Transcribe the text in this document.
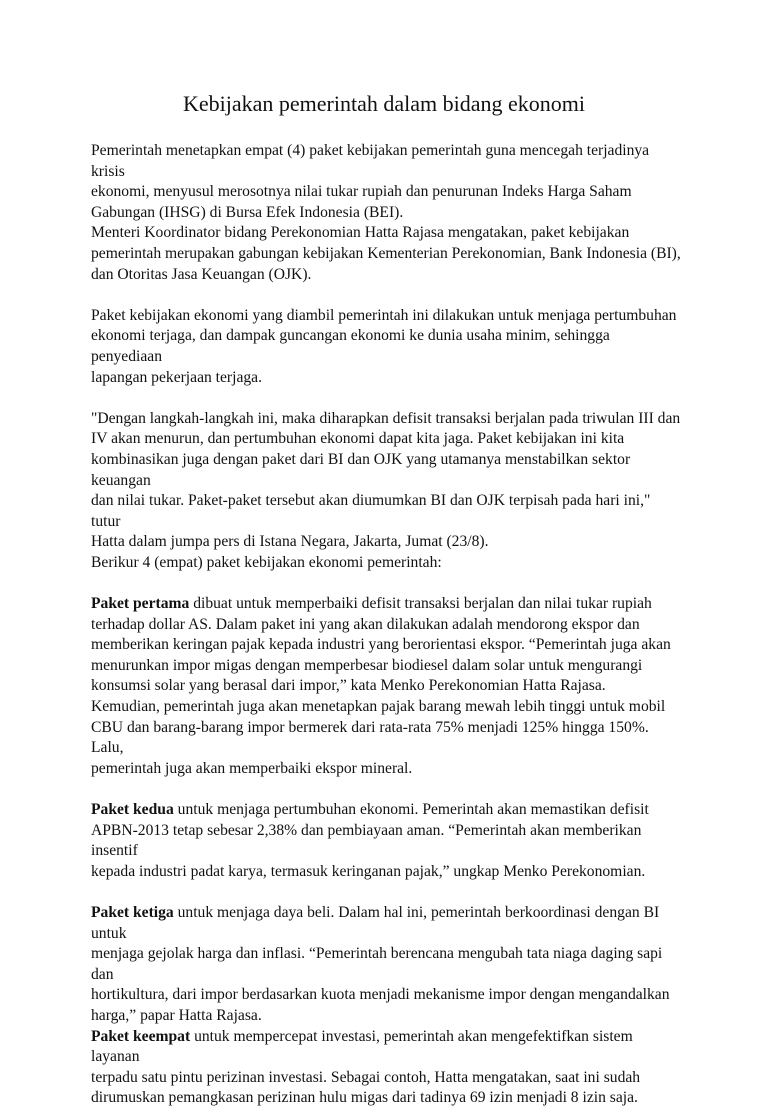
Kebijakan pemerintah dalam bidang ekonomi

Pemerintah menetapkan empat (4) paket kebijakan pemerintah guna mencegah terjadinya krisis
ekonomi, menyusul merosotnya nilai tukar rupiah dan penurunan Indeks Harga Saham
Gabungan (IHSG) di Bursa Efek Indonesia (BEI).
Menteri Koordinator bidang Perekonomian Hatta Rajasa mengatakan, paket kebijakan
pemerintah merupakan gabungan kebijakan Kementerian Perekonomian, Bank Indonesia (BI),
dan Otoritas Jasa Keuangan (OJK).

Paket kebijakan ekonomi yang diambil pemerintah ini dilakukan untuk menjaga pertumbuhan
ekonomi terjaga, dan dampak guncangan ekonomi ke dunia usaha minim, sehingga penyediaan
lapangan pekerjaan terjaga.

"Dengan langkah-langkah ini, maka diharapkan defisit transaksi berjalan pada triwulan III dan
IV akan menurun, dan pertumbuhan ekonomi dapat kita jaga. Paket kebijakan ini kita
kombinasikan juga dengan paket dari BI dan OJK yang utamanya menstabilkan sektor keuangan
dan nilai tukar. Paket-paket tersebut akan diumumkan BI dan OJK terpisah pada hari ini," tutur
Hatta dalam jumpa pers di Istana Negara, Jakarta, Jumat (23/8).
Berikur 4 (empat) paket kebijakan ekonomi pemerintah:

Paket pertama dibuat untuk memperbaiki defisit transaksi berjalan dan nilai tukar rupiah
terhadap dollar AS. Dalam paket ini yang akan dilakukan adalah mendorong ekspor dan
memberikan keringan pajak kepada industri yang berorientasi ekspor. “Pemerintah juga akan
menurunkan impor migas dengan memperbesar biodiesel dalam solar untuk mengurangi
konsumsi solar yang berasal dari impor,” kata Menko Perekonomian Hatta Rajasa.
Kemudian, pemerintah juga akan menetapkan pajak barang mewah lebih tinggi untuk mobil
CBU dan barang-barang impor bermerek dari rata-rata 75% menjadi 125% hingga 150%. Lalu,
pemerintah juga akan memperbaiki ekspor mineral.

Paket kedua untuk menjaga pertumbuhan ekonomi. Pemerintah akan memastikan defisit
APBN-2013 tetap sebesar 2,38% dan pembiayaan aman. “Pemerintah akan memberikan insentif
kepada industri padat karya, termasuk keringanan pajak,” ungkap Menko Perekonomian.

Paket ketiga untuk menjaga daya beli. Dalam hal ini, pemerintah berkoordinasi dengan BI untuk
menjaga gejolak harga dan inflasi. “Pemerintah berencana mengubah tata niaga daging sapi dan
hortikultura, dari impor berdasarkan kuota menjadi mekanisme impor dengan mengandalkan
harga,” papar Hatta Rajasa.

Paket keempat untuk mempercepat investasi, pemerintah akan mengefektifkan sistem layanan
terpadu satu pintu perizinan investasi. Sebagai contoh, Hatta mengatakan, saat ini sudah
dirumuskan pemangkasan perizinan hulu migas dari tadinya 69 izin menjadi 8 izin saja.
